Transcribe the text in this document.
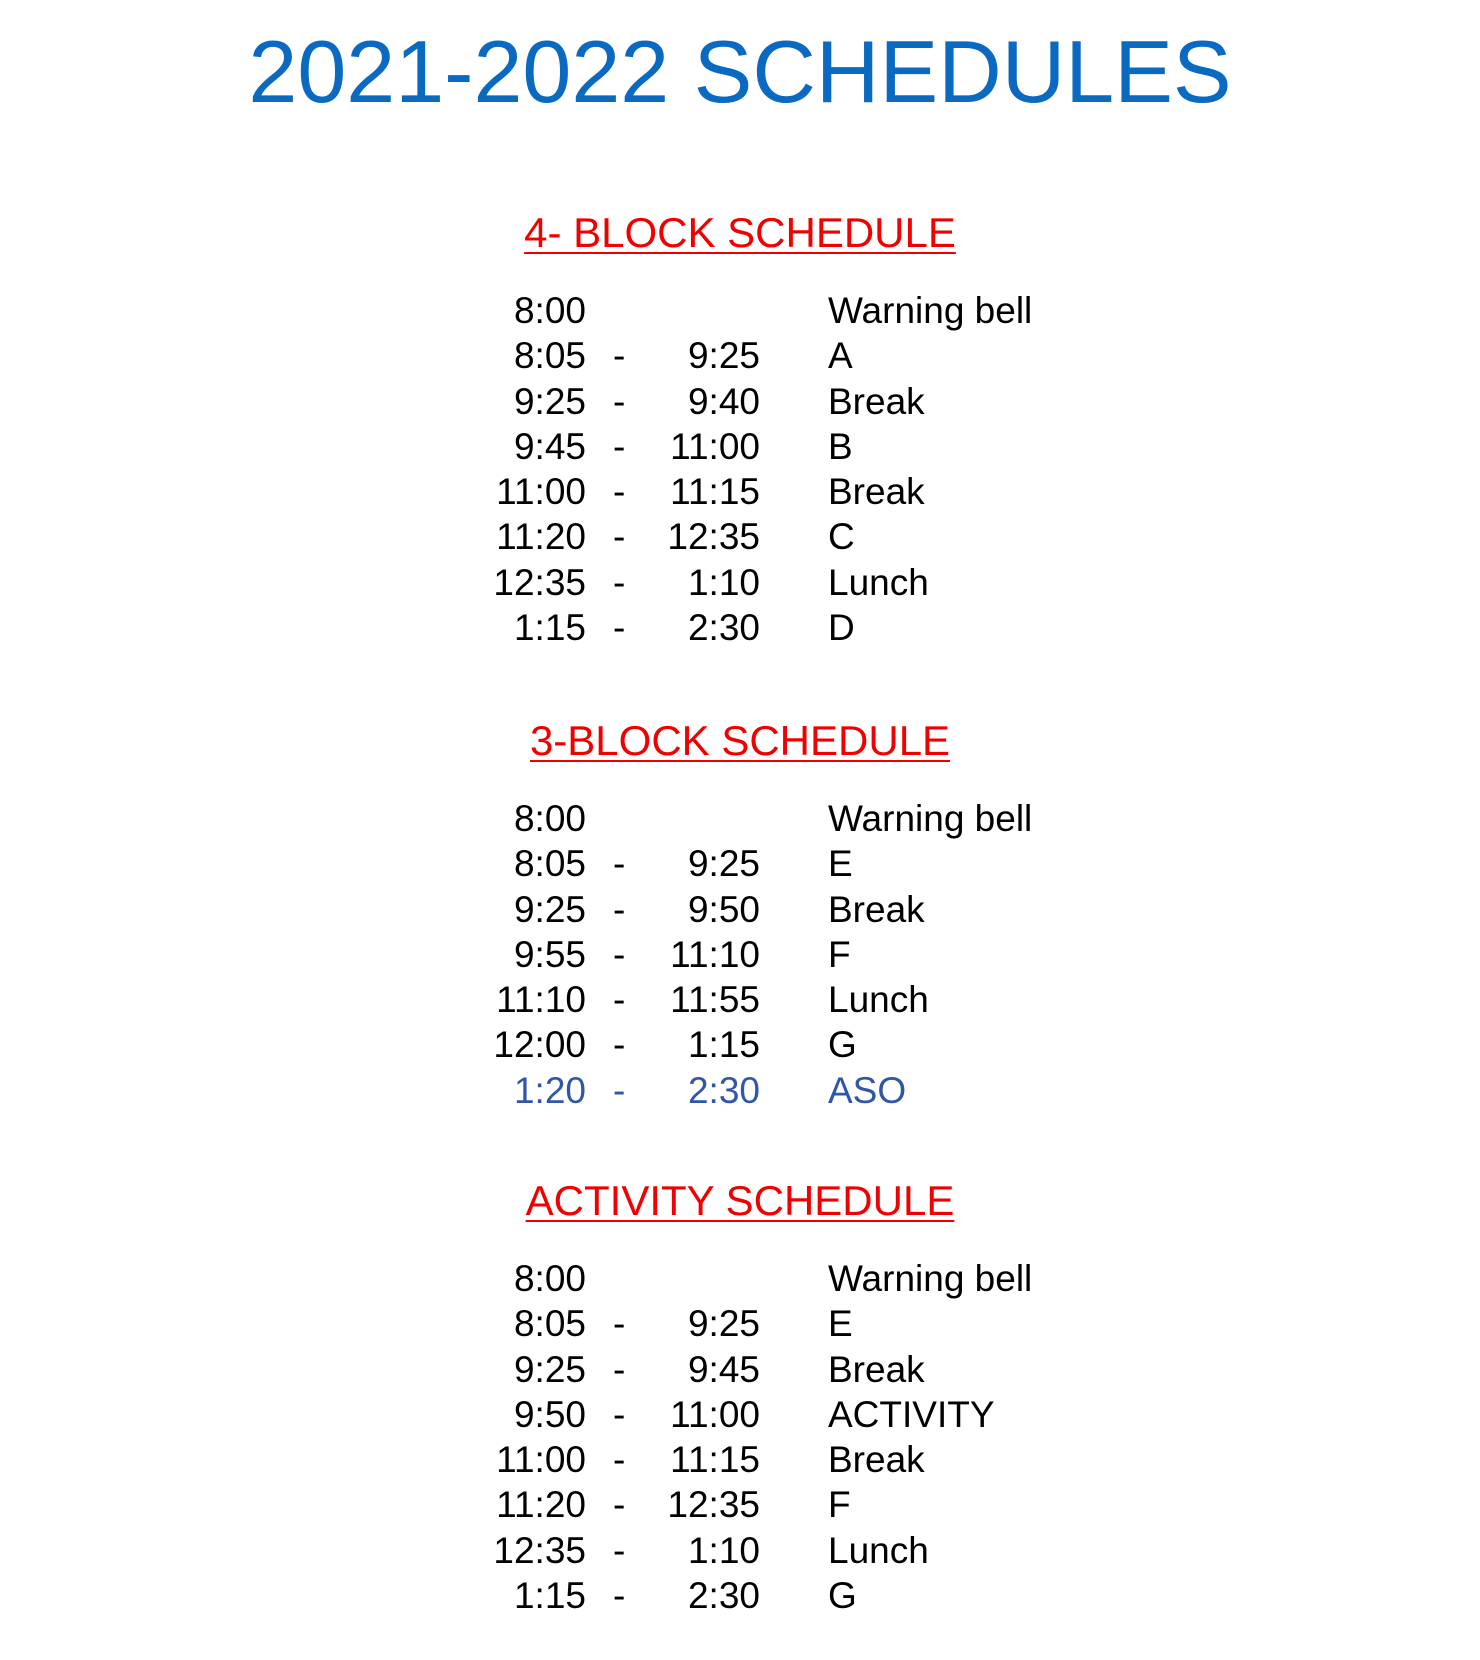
2021-2022 SCHEDULES
4- BLOCK SCHEDULE
8:00	Warning bell
8:05 - 9:25 A
9:25 - 9:40 Break
9:45 - 11:00 B
11:00 - 11:15 Break
11:20 - 12:35 C
12:35 - 1:10 Lunch
1:15 - 2:30 D
3-BLOCK SCHEDULE
8:00	Warning bell
8:05 - 9:25 E
9:25 - 9:50 Break
9:55 - 11:10 F
11:10 - 11:55 Lunch
12:00 - 1:15 G
1:20 - 2:30 ASO
ACTIVITY SCHEDULE
8:00	Warning bell
8:05 - 9:25 E
9:25 - 9:45 Break
9:50 - 11:00 ACTIVITY
11:00 - 11:15 Break
11:20 - 12:35 F
12:35 - 1:10 Lunch
1:15 - 2:30 G
